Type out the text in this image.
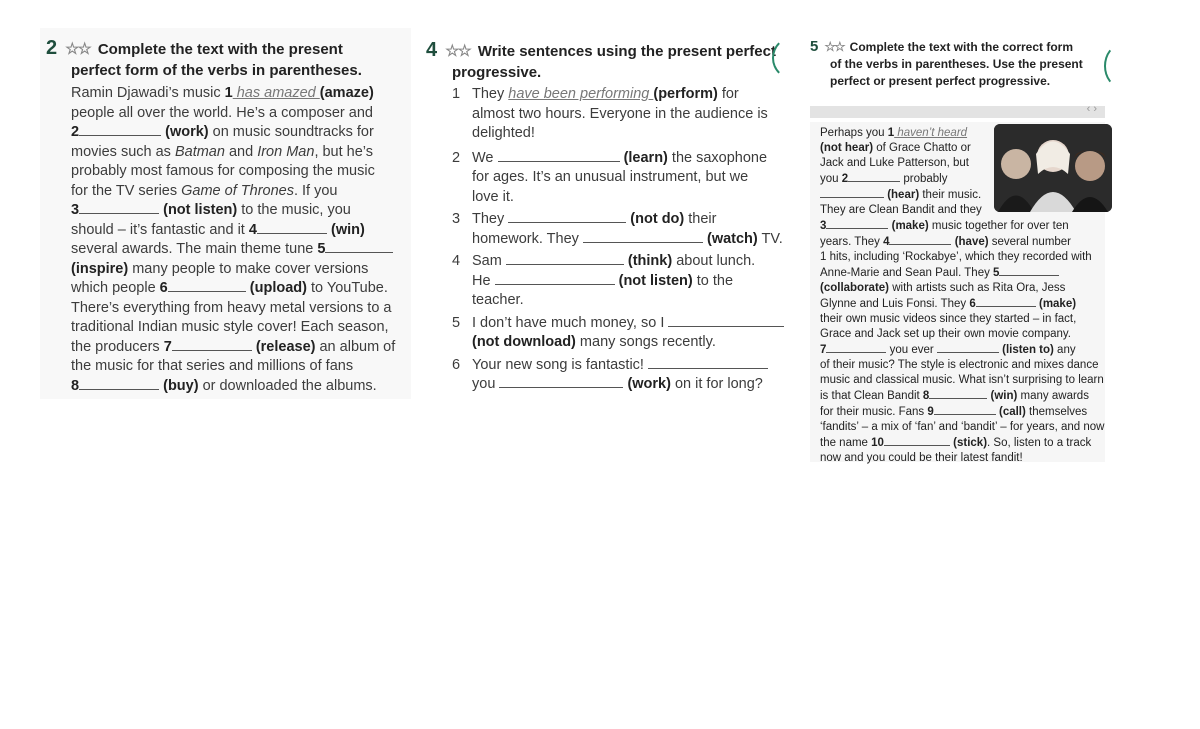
2 ☆☆ Complete the text with the present
perfect form of the verbs in parentheses.
Ramin Djawadi’s music 1 has amazed (amaze)
people all over the world. He’s a composer and
2	(work) on music soundtracks for
movies such as Batman and Iron Man, but he’s
probably most famous for composing the music
for the TV series Game of Thrones. If you
3	(not listen) to the music, you
should – it’s fantastic and it 4	(win)
several awards. The main theme tune 5
(inspire) many people to make cover versions
which people 6	(upload) to YouTube.
There’s everything from heavy metal versions to a
traditional Indian music style cover! Each season,
the producers 7	(release) an album of
the music for that series and millions of fans
8	(buy) or downloaded the albums.
4 ☆☆ Write sentences using the present perfect
progressive.
1 They have been performing (perform) for
almost two hours. Everyone in the audience is
delighted!
2 We	(learn) the saxophone
for ages. It’s an unusual instrument, but we
love it.
3 They	(not do) their
homework. They	(watch) TV.
4 Sam	(think) about lunch.
He	(not listen) to the
teacher.
5 I don’t have much money, so I
(not download) many songs recently.
6 Your new song is fantastic!
you	(work) on it for long?
5 ☆☆ Complete the text with the correct form
of the verbs in parentheses. Use the present
perfect or present perfect progressive.
‹ ›
Perhaps you 1 haven’t heard
(not hear) of Grace Chatto or
Jack and Luke Patterson, but
you 2	probably
(hear) their music.
They are Clean Bandit and they
3	(make) music together for over ten
years. They 4	(have) several number
1 hits, including ‘Rockabye’, which they recorded with
Anne-Marie and Sean Paul. They 5
(collaborate) with artists such as Rita Ora, Jess
Glynne and Luis Fonsi. They 6	(make)
their own music videos since they started – in fact,
Grace and Jack set up their own movie company.
7	you ever	(listen to) any
of their music? The style is electronic and mixes dance
music and classical music. What isn’t surprising to learn
is that Clean Bandit 8	(win) many awards
for their music. Fans 9	(call) themselves
‘fandits’ – a mix of ‘fan’ and ‘bandit’ – for years, and now
the name 10	(stick). So, listen to a track
now and you could be their latest fandit!
